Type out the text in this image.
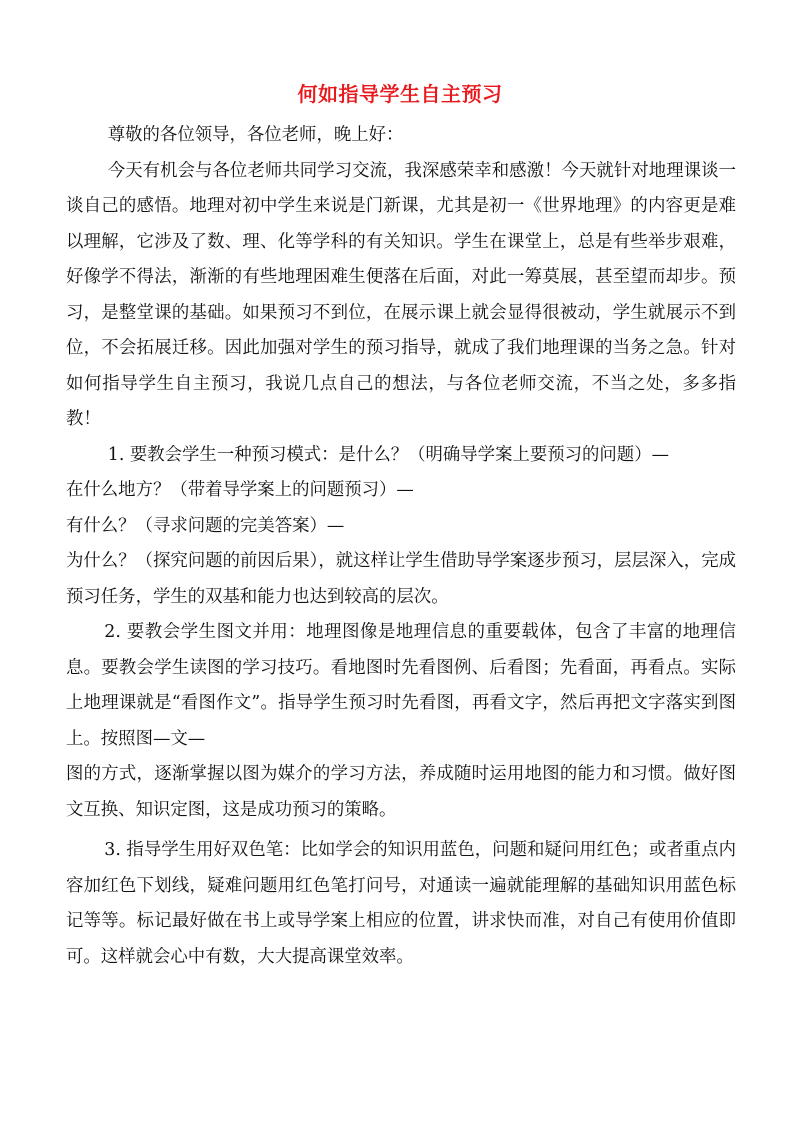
何如指导学生自主预习

尊敬的各位领导，各位老师，晚上好：

今天有机会与各位老师共同学习交流，我深感荣幸和感激！今天就针对地理课谈一谈自己的感悟。地理对初中学生来说是门新课，尤其是初一《世界地理》的内容更是难以理解，它涉及了数、理、化等学科的有关知识。学生在课堂上，总是有些举步艰难，好像学不得法，渐渐的有些地理困难生便落在后面，对此一筹莫展，甚至望而却步。预习，是整堂课的基础。如果预习不到位，在展示课上就会显得很被动，学生就展示不到位，不会拓展迁移。因此加强对学生的预习指导，就成了我们地理课的当务之急。针对如何指导学生自主预习，我说几点自己的想法，与各位老师交流，不当之处，多多指教！

1. 要教会学生一种预习模式：是什么？（明确导学案上要预习的问题）—

在什么地方？（带着导学案上的问题预习）—

有什么？（寻求问题的完美答案）—

为什么？（探究问题的前因后果），就这样让学生借助导学案逐步预习，层层深入，完成预习任务，学生的双基和能力也达到较高的层次。

2. 要教会学生图文并用：地理图像是地理信息的重要载体，包含了丰富的地理信息。要教会学生读图的学习技巧。看地图时先看图例、后看图；先看面，再看点。实际上地理课就是“看图作文”。指导学生预习时先看图，再看文字，然后再把文字落实到图上。按照图—文—

图的方式，逐渐掌握以图为媒介的学习方法，养成随时运用地图的能力和习惯。做好图文互换、知识定图，这是成功预习的策略。

3. 指导学生用好双色笔：比如学会的知识用蓝色，问题和疑问用红色；或者重点内容加红色下划线，疑难问题用红色笔打问号，对通读一遍就能理解的基础知识用蓝色标记等等。标记最好做在书上或导学案上相应的位置，讲求快而准，对自己有使用价值即可。这样就会心中有数，大大提高课堂效率。
